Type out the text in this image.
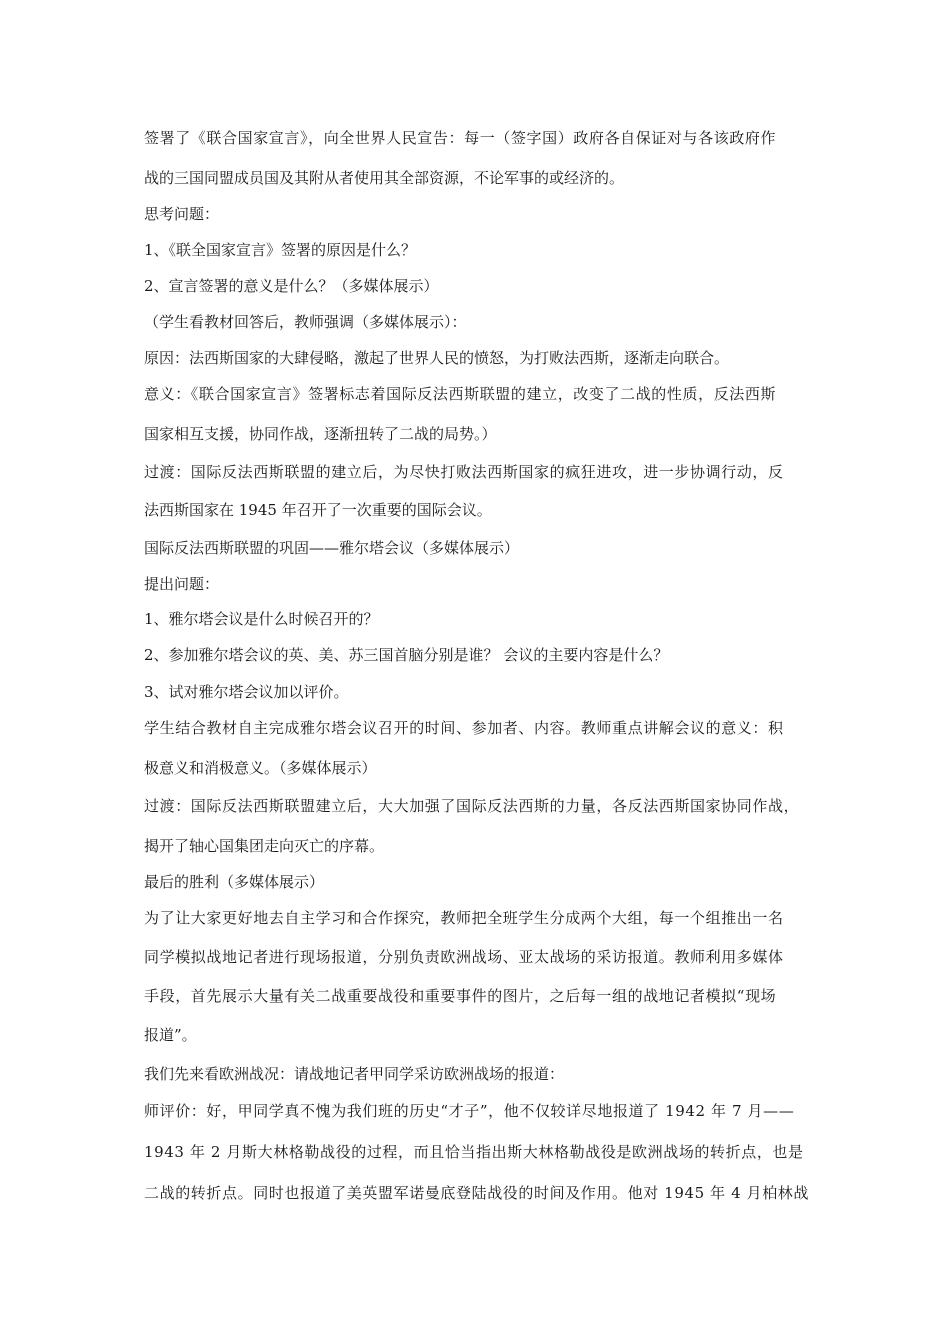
签署了《联合国家宣言》，向全世界人民宣告：每一（签字国）政府各自保证对与各该政府作
战的三国同盟成员国及其附从者使用其全部资源，不论军事的或经济的。
思考问题：
1、《联全国家宣言》签署的原因是什么？
2、宣言签署的意义是什么？（多媒体展示）
（学生看教材回答后，教师强调（多媒体展示）：
原因：法西斯国家的大肆侵略，激起了世界人民的愤怒，为打败法西斯，逐渐走向联合。
意义：《联合国家宣言》签署标志着国际反法西斯联盟的建立，改变了二战的性质，反法西斯
国家相互支援，协同作战，逐渐扭转了二战的局势。）
过渡：国际反法西斯联盟的建立后，为尽快打败法西斯国家的疯狂进攻，进一步协调行动，反
法西斯国家在 1945 年召开了一次重要的国际会议。
国际反法西斯联盟的巩固——雅尔塔会议（多媒体展示）
提出问题：
1、雅尔塔会议是什么时候召开的？
2、参加雅尔塔会议的英、美、苏三国首脑分别是谁？ 会议的主要内容是什么？
3、试对雅尔塔会议加以评价。
学生结合教材自主完成雅尔塔会议召开的时间、参加者、内容。教师重点讲解会议的意义：积
极意义和消极意义。（多媒体展示）
过渡：国际反法西斯联盟建立后，大大加强了国际反法西斯的力量，各反法西斯国家协同作战，
揭开了轴心国集团走向灭亡的序幕。
最后的胜利（多媒体展示）
为了让大家更好地去自主学习和合作探究，教师把全班学生分成两个大组，每一个组推出一名
同学模拟战地记者进行现场报道，分别负责欧洲战场、亚太战场的采访报道。教师利用多媒体
手段，首先展示大量有关二战重要战役和重要事件的图片，之后每一组的战地记者模拟“现场
报道”。
我们先来看欧洲战况：请战地记者甲同学采访欧洲战场的报道：
师评价：好，甲同学真不愧为我们班的历史“才子”，他不仅较详尽地报道了 1942 年 7 月——
1943 年 2 月斯大林格勒战役的过程，而且恰当指出斯大林格勒战役是欧洲战场的转折点，也是
二战的转折点。同时也报道了美英盟军诺曼底登陆战役的时间及作用。他对 1945 年 4 月柏林战
